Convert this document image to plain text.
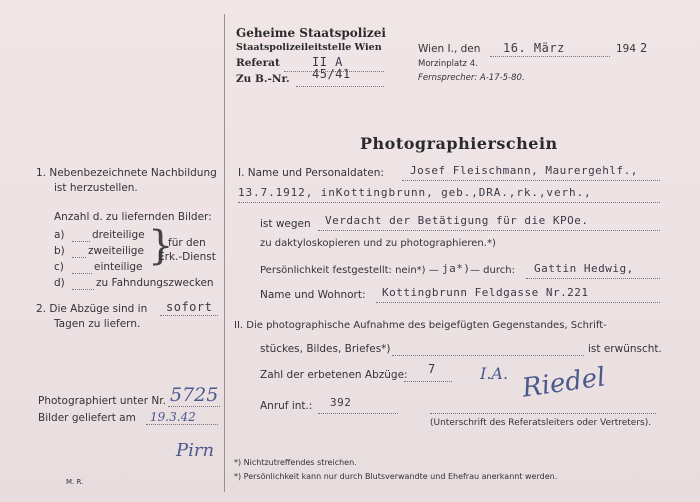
Geheime Staatspolizei
Staatspolizeileitstelle Wien
Referat	II A
Zu B.-Nr. 45/41
Wien I., den 16. März	194 2
Morzinplatz 4.
Fernsprecher: A-17-5-80.
Photographierschein
1. Nebenbezeichnete Nachbildung
ist herzustellen.
Anzahl d. zu liefernden Bilder:
a)	dreiteilige
b) zweiteilige
c)	einteilige
d)	zu Fahndungszwecken
}
für den
Erk.-Dienst
2. Die Abzüge sind in sofort
Tagen zu liefern.
Photographiert unter Nr. 5725
Bilder geliefert am 19.3.42
Pirn
M. R.
I. Name und Personaldaten: Josef Fleischmann, Maurergehlf.,
13.7.1912, inKottingbrunn, geb.,DRA.,rk.,verh.,
ist wegen Verdacht der Betätigung für die KPOe.
zu daktyloskopieren und zu photographieren.*)
Persönlichkeit festgestellt: nein*) — ja*) — durch: Gattin Hedwig,
Name und Wohnort: Kottingbrunn Feldgasse Nr.221
II. Die photographische Aufnahme des beigefügten Gegenstandes, Schrift-
stückes, Bildes, Briefes*)	ist erwünscht.
Zahl der erbetenen Abzüge: 7	I.A. Riedel
Anruf int.: 392
(Unterschrift des Referatsleiters oder Vertreters).
*) Nichtzutreffendes streichen.
*) Persönlichkeit kann nur durch Blutsverwandte und Ehefrau anerkannt werden.
